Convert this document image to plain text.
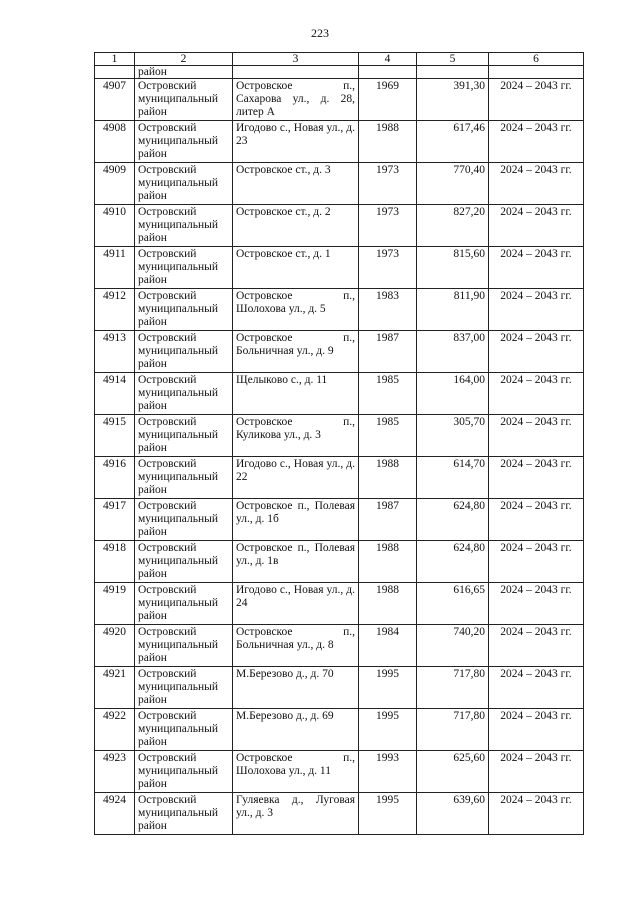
223
1	2	3	4	5	6
	район				
4907	Островский муниципальный район	Островское п., Сахарова ул., д. 28, литер А	1969	391,30	2024 – 2043 гг.
4908	Островский муниципальный район	Игодово с., Новая ул., д. 23	1988	617,46	2024 – 2043 гг.
4909	Островский муниципальный район	Островское ст., д. 3	1973	770,40	2024 – 2043 гг.
4910	Островский муниципальный район	Островское ст., д. 2	1973	827,20	2024 – 2043 гг.
4911	Островский муниципальный район	Островское ст., д. 1	1973	815,60	2024 – 2043 гг.
4912	Островский муниципальный район	Островское п., Шолохова ул., д. 5	1983	811,90	2024 – 2043 гг.
4913	Островский муниципальный район	Островское п., Больничная ул., д. 9	1987	837,00	2024 – 2043 гг.
4914	Островский муниципальный район	Щелыково с., д. 11	1985	164,00	2024 – 2043 гг.
4915	Островский муниципальный район	Островское п., Куликова ул., д. 3	1985	305,70	2024 – 2043 гг.
4916	Островский муниципальный район	Игодово с., Новая ул., д. 22	1988	614,70	2024 – 2043 гг.
4917	Островский муниципальный район	Островское п., Полевая ул., д. 1б	1987	624,80	2024 – 2043 гг.
4918	Островский муниципальный район	Островское п., Полевая ул., д. 1в	1988	624,80	2024 – 2043 гг.
4919	Островский муниципальный район	Игодово с., Новая ул., д. 24	1988	616,65	2024 – 2043 гг.
4920	Островский муниципальный район	Островское п., Больничная ул., д. 8	1984	740,20	2024 – 2043 гг.
4921	Островский муниципальный район	М.Березово д., д. 70	1995	717,80	2024 – 2043 гг.
4922	Островский муниципальный район	М.Березово д., д. 69	1995	717,80	2024 – 2043 гг.
4923	Островский муниципальный район	Островское п., Шолохова ул., д. 11	1993	625,60	2024 – 2043 гг.
4924	Островский муниципальный район	Гуляевка д., Луговая ул., д. 3	1995	639,60	2024 – 2043 гг.
